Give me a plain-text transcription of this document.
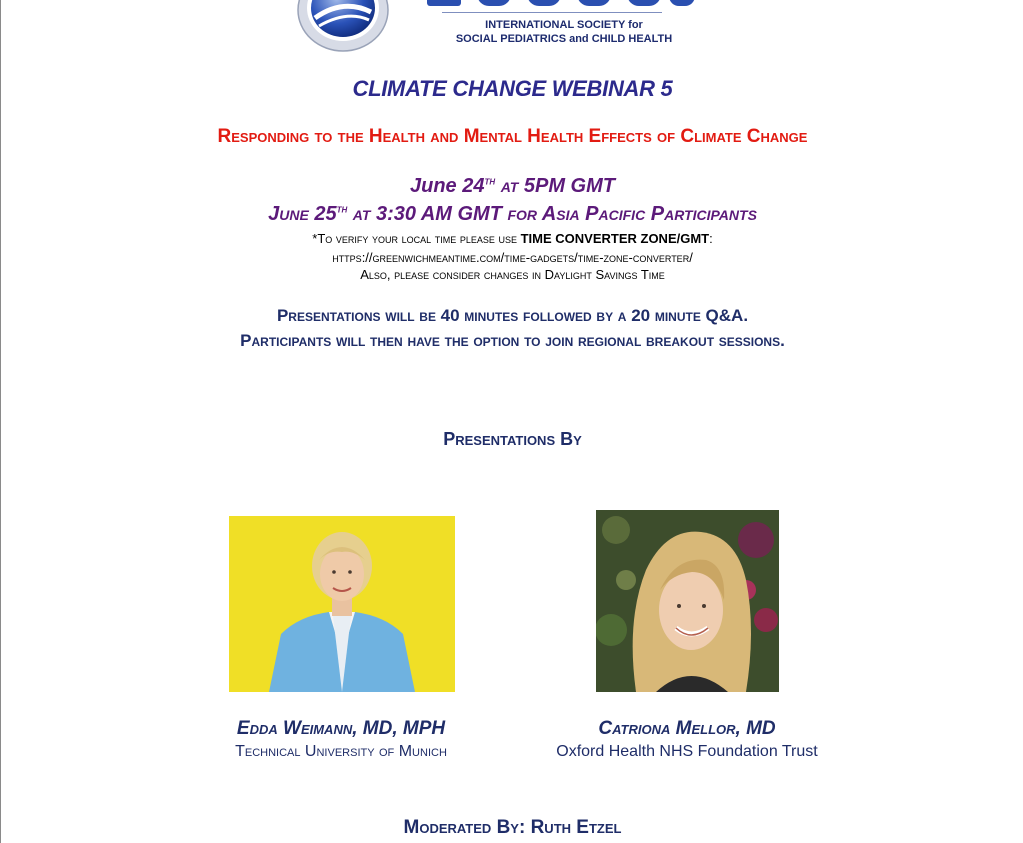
INTERNATIONAL SOCIETY for
SOCIAL PEDIATRICS and CHILD HEALTH
CLIMATE CHANGE WEBINAR 5
Responding to the Health and Mental Health Effects of Climate Change
June 24th at 5PM GMT
June 25th at 3:30 AM GMT for Asia Pacific Participants
*To verify your local time please use TIME CONVERTER ZONE/GMT:
https://greenwichmeantime.com/time-gadgets/time-zone-converter/
Also, please consider changes in Daylight Savings Time
Presentations will be 40 minutes followed by a 20 minute Q&A.
Participants will then have the option to join regional breakout sessions.
Presentations By
Edda Weimann, MD, MPH
Technical University of Munich
Catriona Mellor, MD
Oxford Health NHS Foundation Trust
Moderated By: Ruth Etzel
